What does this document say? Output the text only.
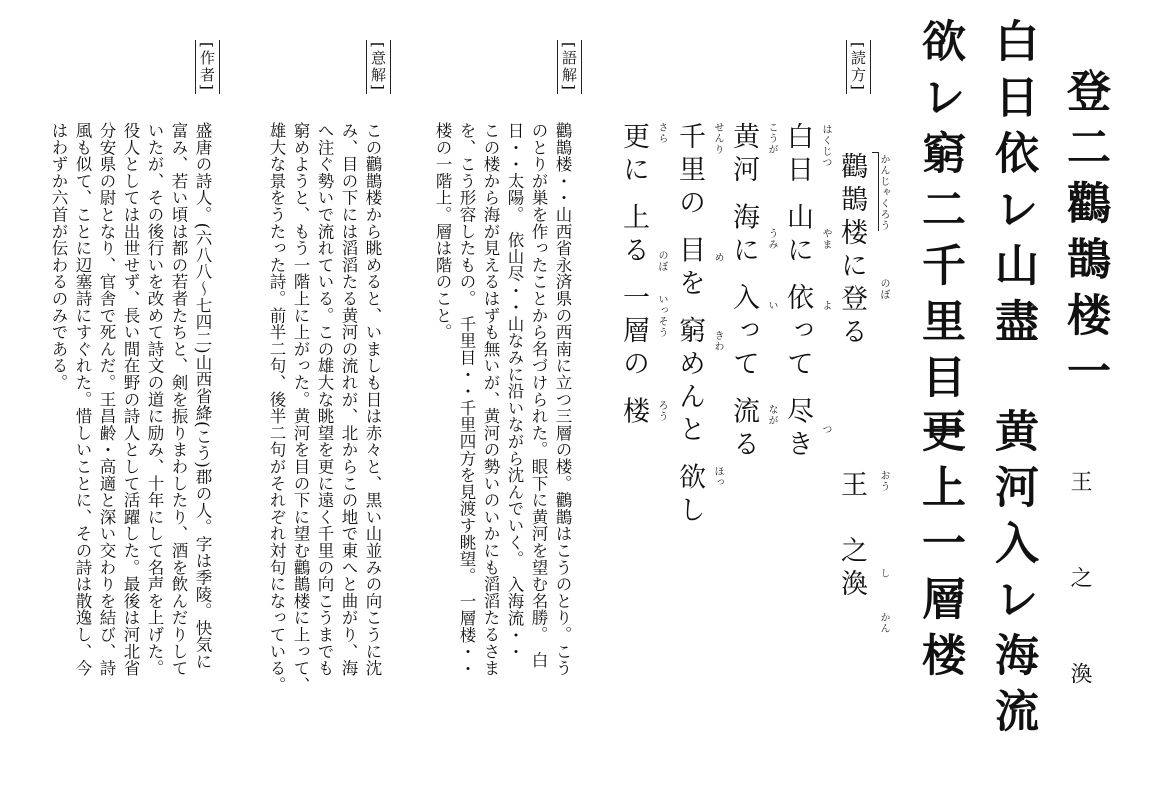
登二鸛鵲楼一
王　之　渙
白日依レ山盡
黄河入レ海流
欲レ窮二千里目一
更上一層楼
[読方]
鸛鵲楼に登る かんじゃくろう
のぼ
王　之渙 おう
し
かん
白日 山に 依って 尽き はくじつ
やま
よ
つ
黄河 海に 入って 流る こうが
うみ
い
なが
千里の 目を 窮めんと 欲し せんり
め
きわ
ほっ
更に 上る 一層の 楼 さら
のぼ
いっそう
ろう
[語解]
鸛鵲楼・・山西省永済県の西南に立つ三層の楼。鸛鵲はこうのとり。こう
のとりが巣を作ったことから名づけられた。眼下に黄河を望む名勝。　白
日・・太陽。　依山尽・・山なみに沿いながら沈んでいく。　入海流・・
この楼から海が見えるはずも無いが、黄河の勢いのいかにも滔滔たるさま
を、こう形容したもの。　千里目・・千里四方を見渡す眺望。　一層楼・・
楼の一階上。層は階のこと。
[意解]
この鸛鵲楼から眺めると、いましも日は赤々と、黒い山並みの向こうに沈
み、目の下には滔滔たる黄河の流れが、北からこの地で東へと曲がり、海
へ注ぐ勢いで流れている。この雄大な眺望を更に遠く千里の向こうまでも
窮めようと、もう一階上に上がった。黄河を目の下に望む鸛鵲楼に上って、
雄大な景をうたった詩。前半二句、後半二句がそれぞれ対句になっている。
[作者]
盛唐の詩人。(六八八〜七四二)山西省絳(こう)郡の人。字は季陵。快気に
富み、若い頃は都の若者たちと、剣を振りまわしたり、酒を飲んだりして
いたが、その後行いを改めて詩文の道に励み、十年にして名声を上げた。
役人としては出世せず、長い間在野の詩人として活躍した。最後は河北省
分安県の尉となり、官舎で死んだ。王昌齢・高適と深い交わりを結び、詩
風も似て、ことに辺塞詩にすぐれた。惜しいことに、その詩は散逸し、今
はわずか六首が伝わるのみである。
